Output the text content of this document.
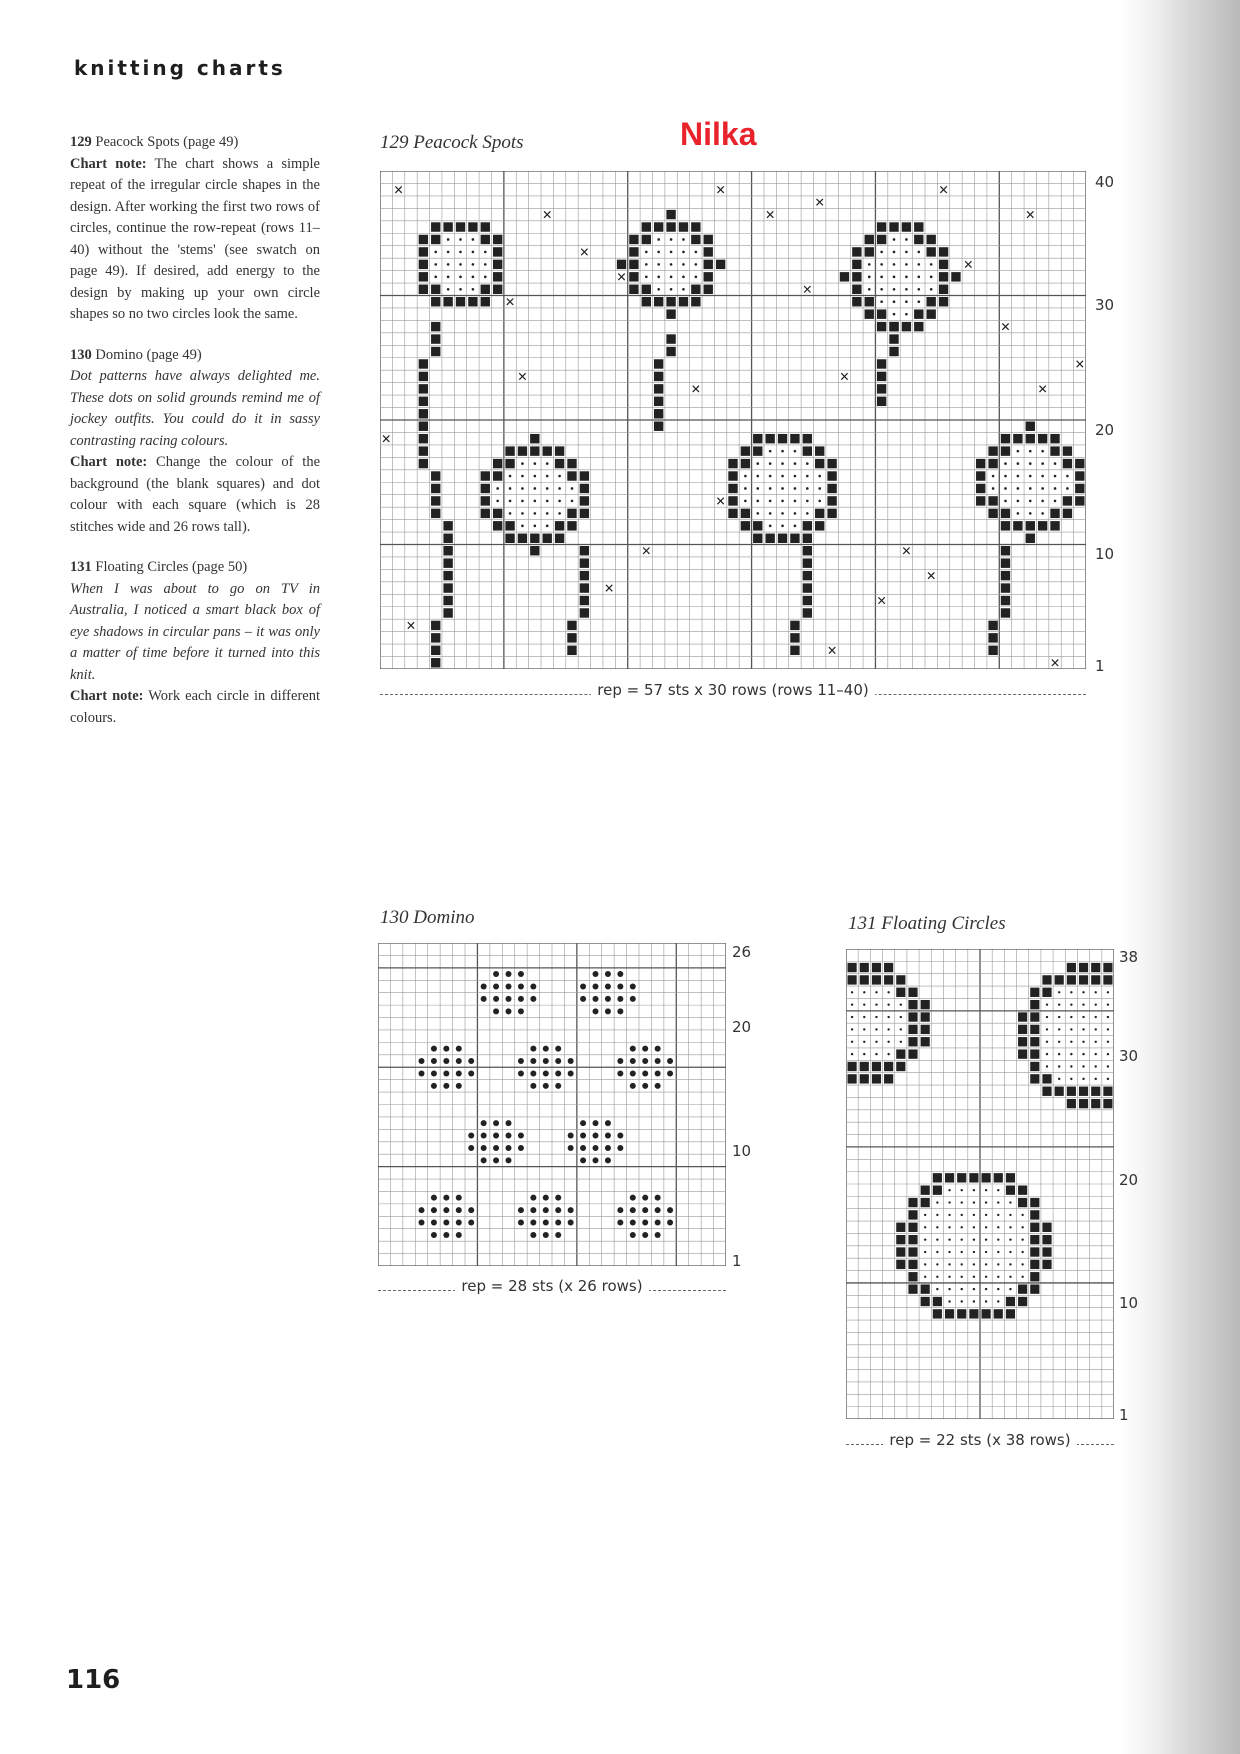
knitting charts

129 Peacock Spots (page 49)
Chart note: The chart shows a simple repeat of the irregular circle shapes in the design. After working the first two rows of circles, continue the row-repeat (rows 11–40) without the 'stems' (see swatch on page 49). If desired, add energy to the design by making up your own circle shapes so no two circles look the same.

130 Domino (page 49)
Dot patterns have always delighted me. These dots on solid grounds remind me of jockey outfits. You could do it in sassy contrasting racing colours.
Chart note: Change the colour of the background (the blank squares) and dot colour with each square (which is 28 stitches wide and 26 rows tall).

131 Floating Circles (page 50)
When I was about to go on TV in Australia, I noticed a smart black box of eye shadows in circular pans – it was only a matter of time before it turned into this knit.
Chart note: Work each circle in different colours.

129 Peacock Spots	Nilka
40
30
20
10
1
rep = 57 sts x 30 rows (rows 11–40)
130 Domino
26
20
10
1
rep = 28 sts (x 26 rows)
131 Floating Circles
38
30
20
10
1
rep = 22 sts (x 38 rows)
116
